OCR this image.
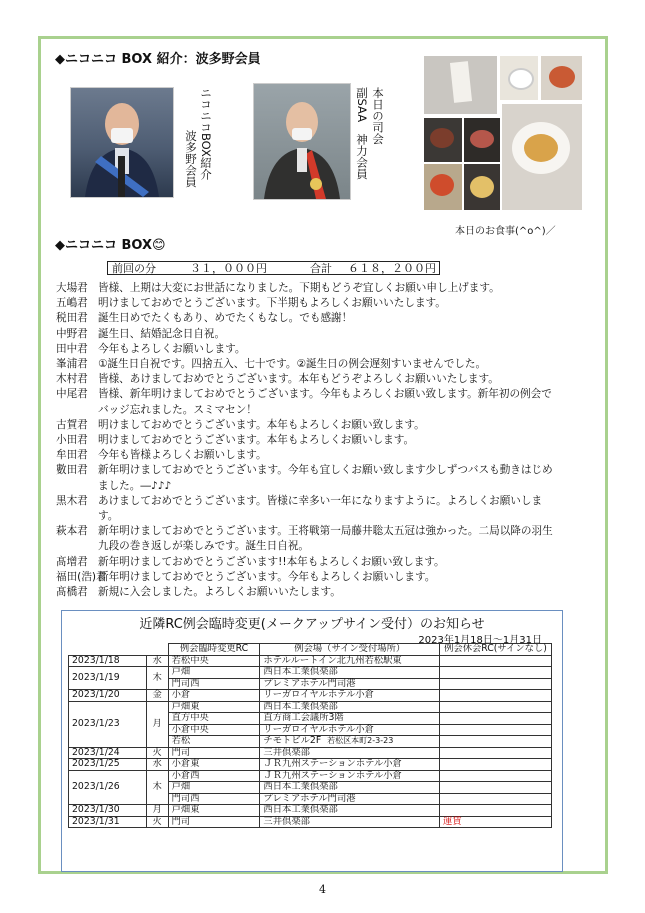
◆ニコニコ BOX 紹介：波多野会員
ニコニコBOX紹介
波多野会員
本日の司会
副SAA　神力会員
本日のお食事(^o^)／
◆ニコニコ BOX😊
前回の分	３１，０００円	合計 ６１８，２００円
大場君 皆様、上期は大変にお世話になりました。下期もどうぞ宜しくお願い申し上げます。
五嶋君 明けましておめでとうございます。下半期もよろしくお願いいたします。
税田君 誕生日めでたくもあり、めでたくもなし。でも感謝！
中野君 誕生日、結婚記念日自祝。
田中君 今年もよろしくお願いします。
峯浦君 ①誕生日自祝です。四捨五入、七十です。②誕生日の例会遅刻すいませんでした。
木村君 皆様、あけましておめでとうございます。本年もどうぞよろしくお願いいたします。
中尾君 皆様、新年明けましておめでとうございます。今年もよろしくお願い致します。新年初の例会でバッジ忘れました。スミマセン！
古賀君 明けましておめでとうございます。本年もよろしくお願い致します。
小田君 明けましておめでとうございます。本年もよろしくお願いします。
牟田君 今年も皆様よろしくお願いします。
數田君 新年明けましておめでとうございます。今年も宜しくお願い致します少しずつバスも動きはじめました。―♪♪♪
黒木君 あけましておめでとうございます。皆様に幸多い一年になりますように。よろしくお願いします。
萩本君 新年明けましておめでとうございます。王将戦第一局藤井聡太五冠は強かった。二局以降の羽生九段の巻き返しが楽しみです。誕生日自祝。
髙增君 新年明けましておめでとうございます!!本年もよろしくお願い致します。
福田(浩)君
新年明けましておめでとうございます。今年もよろしくお願いします。
髙橋君 新規に入会しました。よろしくお願いいたします。
近隣RC例会臨時変更(メークアップサイン受付）のお知らせ
2023年1月18日～1月31日
		例会臨時変更RC	例会場（サイン受付場所）	例会休会RC(サインなし)
2023/1/18	水	若松中央	ホテルルートイン北九州若松駅東	
2023/1/19	木	戸畑	西日本工業倶楽部	
		門司西	プレミアホテル門司港	
2023/1/20	金	小倉	リーガロイヤルホテル小倉	
2023/1/23	月	戸畑東	西日本工業倶楽部	
		直方中央	直方商工会議所3階	
		小倉中央	リーガロイヤルホテル小倉	
		若松	チモトビル2F 若松区本町2-3-23	
2023/1/24	火	門司	三井倶楽部	
2023/1/25	水	小倉東	ＪＲ九州ステーションホテル小倉	
2023/1/26	木	小倉西	ＪＲ九州ステーションホテル小倉	
		戸畑	西日本工業倶楽部	
		門司西	プレミアホテル門司港	
2023/1/30	月	戸畑東	西日本工業倶楽部	
2023/1/31	火	門司	三井倶楽部	運賃
4
